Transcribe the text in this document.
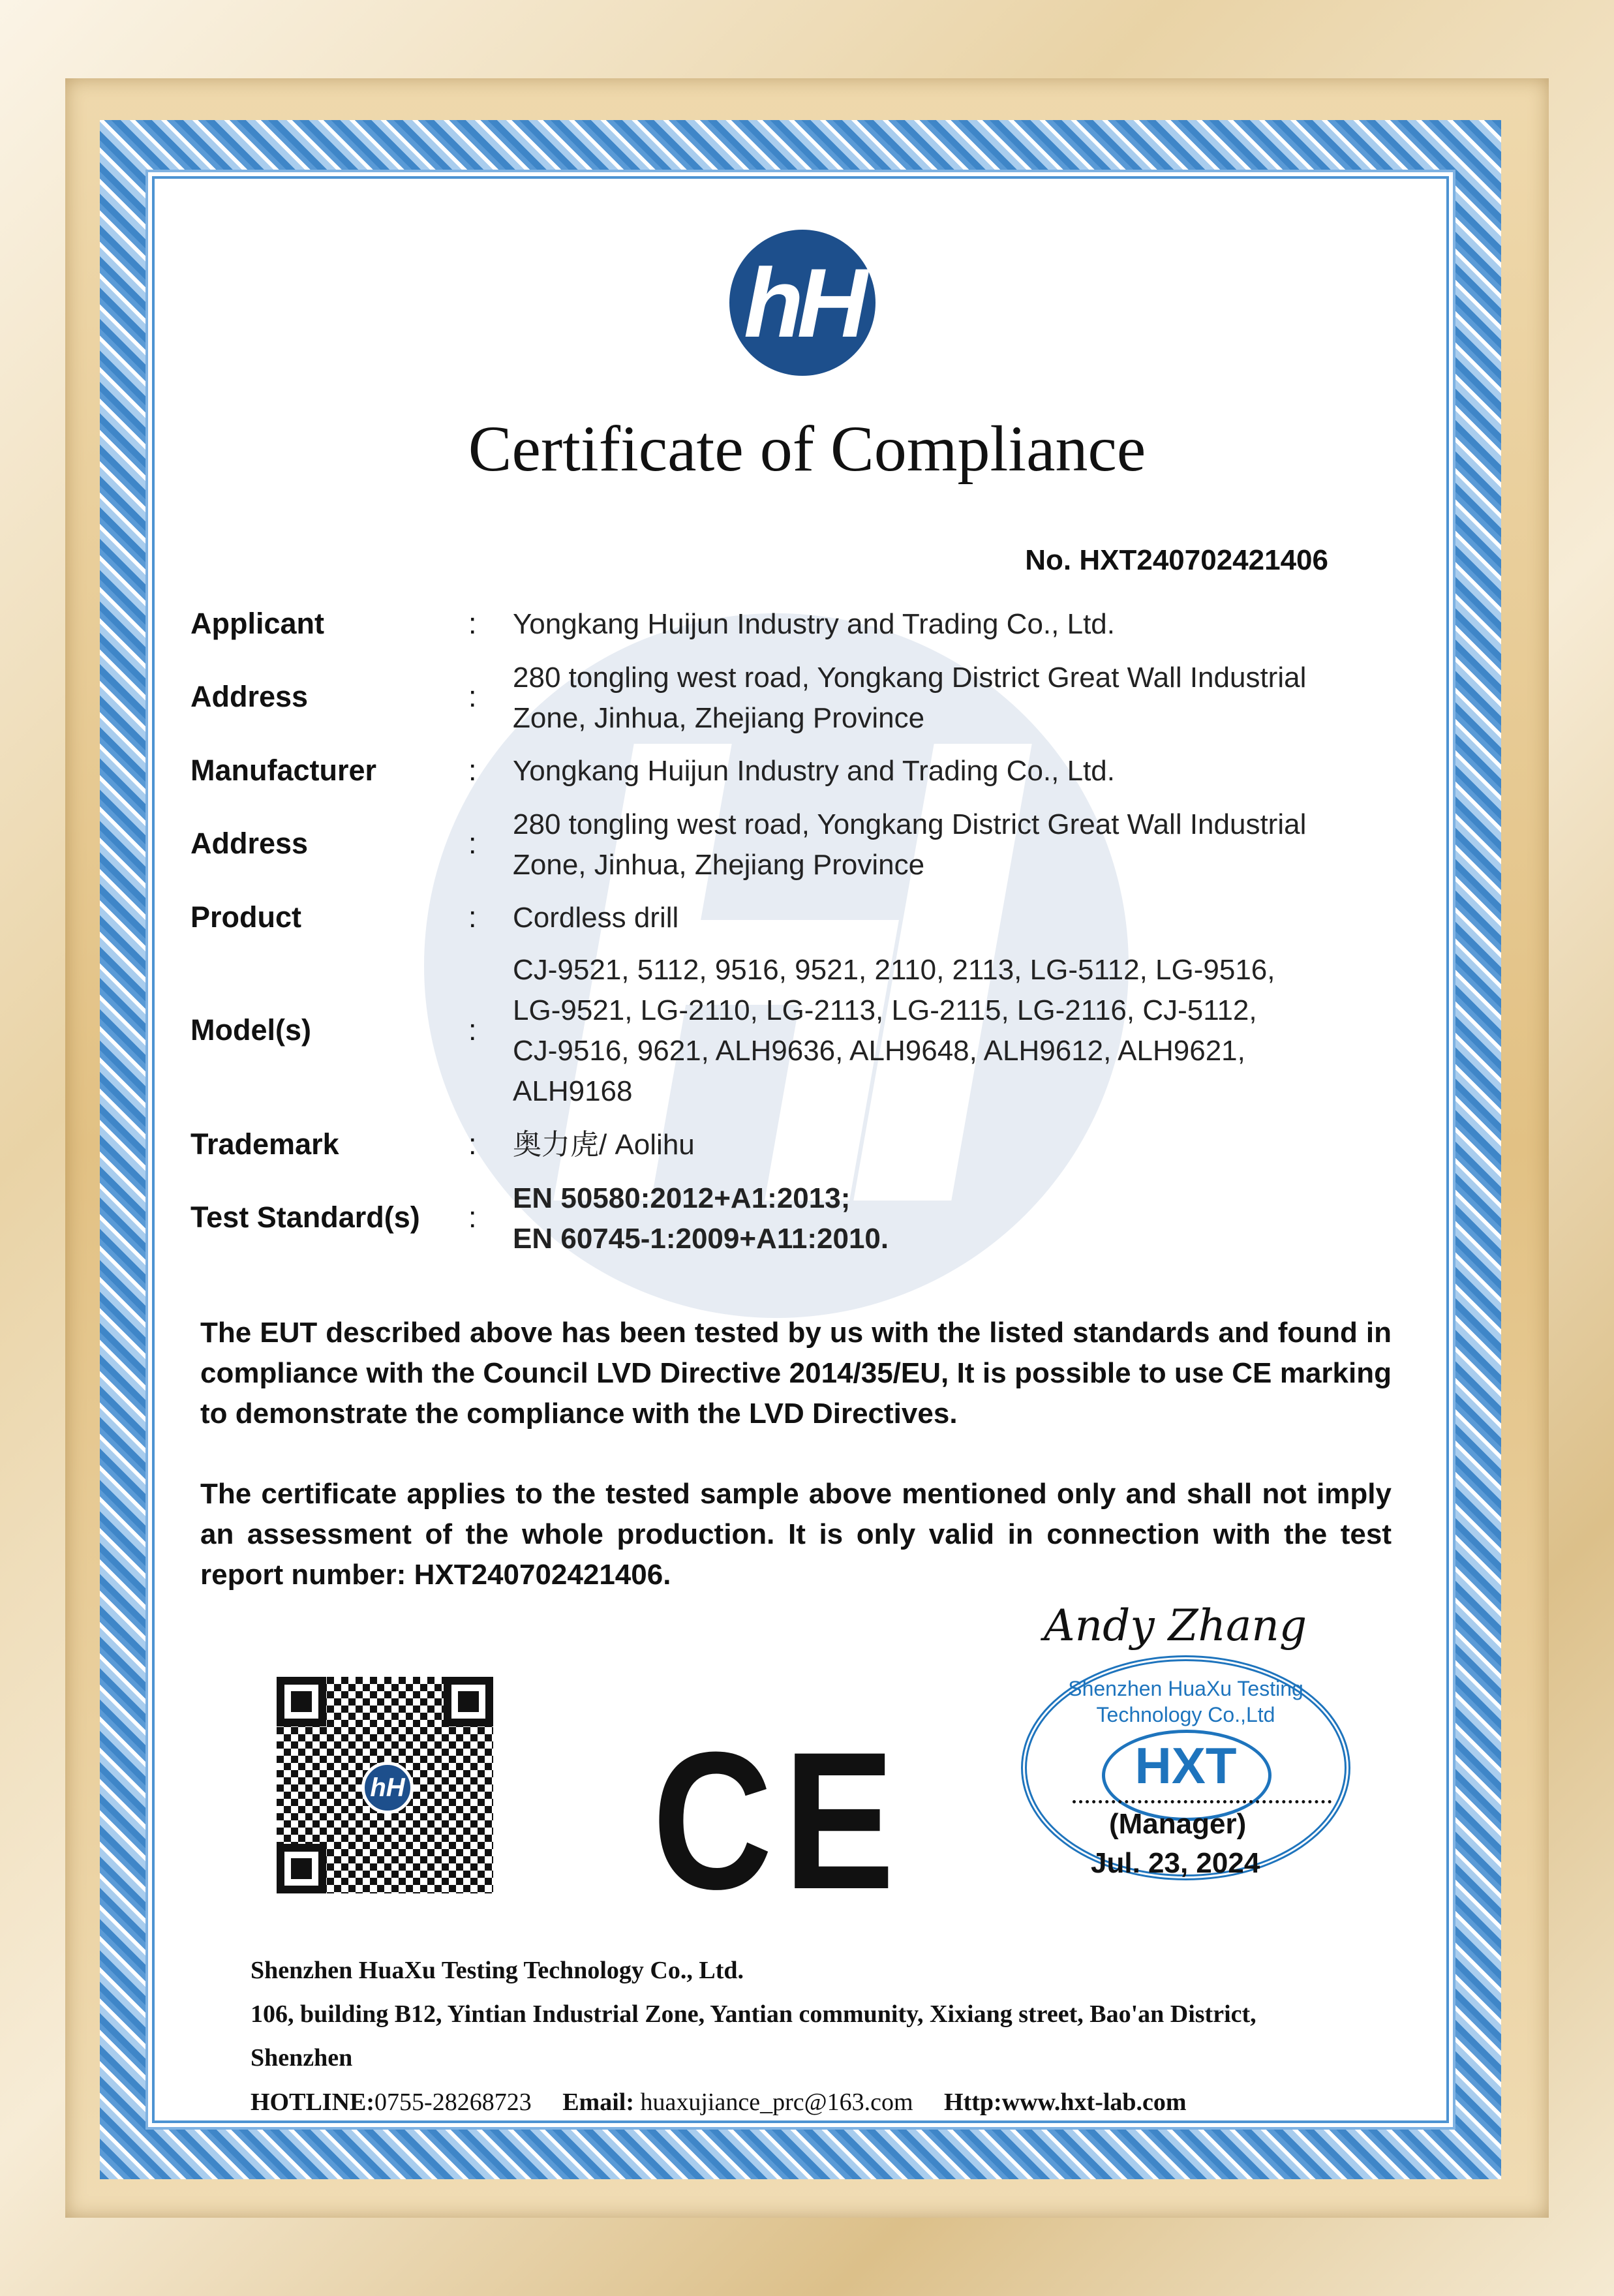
hH
Certificate of Compliance
No. HXT240702421406
Applicant	: Yongkang Huijun Industry and Trading Co., Ltd.
Address	:
280 tongling west road, Yongkang District Great Wall Industrial
Zone, Jinhua, Zhejiang Province
Manufacturer	: Yongkang Huijun Industry and Trading Co., Ltd.
Address	:
280 tongling west road, Yongkang District Great Wall Industrial
Zone, Jinhua, Zhejiang Province
Product	: Cordless drill
Model(s)	:
CJ-9521, 5112, 9516, 9521, 2110, 2113, LG-5112, LG-9516,
LG-9521, LG-2110, LG-2113, LG-2115, LG-2116, CJ-5112,
CJ-9516, 9621, ALH9636, ALH9648, ALH9612, ALH9621,
ALH9168
Trademark	: 奥力虎/ Aolihu
Test Standard(s) :
EN 50580:2012+A1:2013;
EN 60745-1:2009+A11:2010.
The EUT described above has been tested by us with the listed standards and found in compliance with the Council LVD Directive 2014/35/EU, It is possible to use CE marking to demonstrate the compliance with the LVD Directives.
The certificate applies to the tested sample above mentioned only and shall not imply an assessment of the whole production. It is only valid in connection with the test report number: HXT240702421406.
hH CE
Andy Zhang
Shenzhen HuaXu Testing Technology Co.,Ltd
HXT
(Manager)
Jul. 23, 2024
Shenzhen HuaXu Testing Technology Co., Ltd.
106, building B12, Yintian Industrial Zone, Yantian community, Xixiang street, Bao'an District,
Shenzhen
HOTLINE:0755-28268723 Email: huaxujiance_prc@163.com Http:www.hxt-lab.com
